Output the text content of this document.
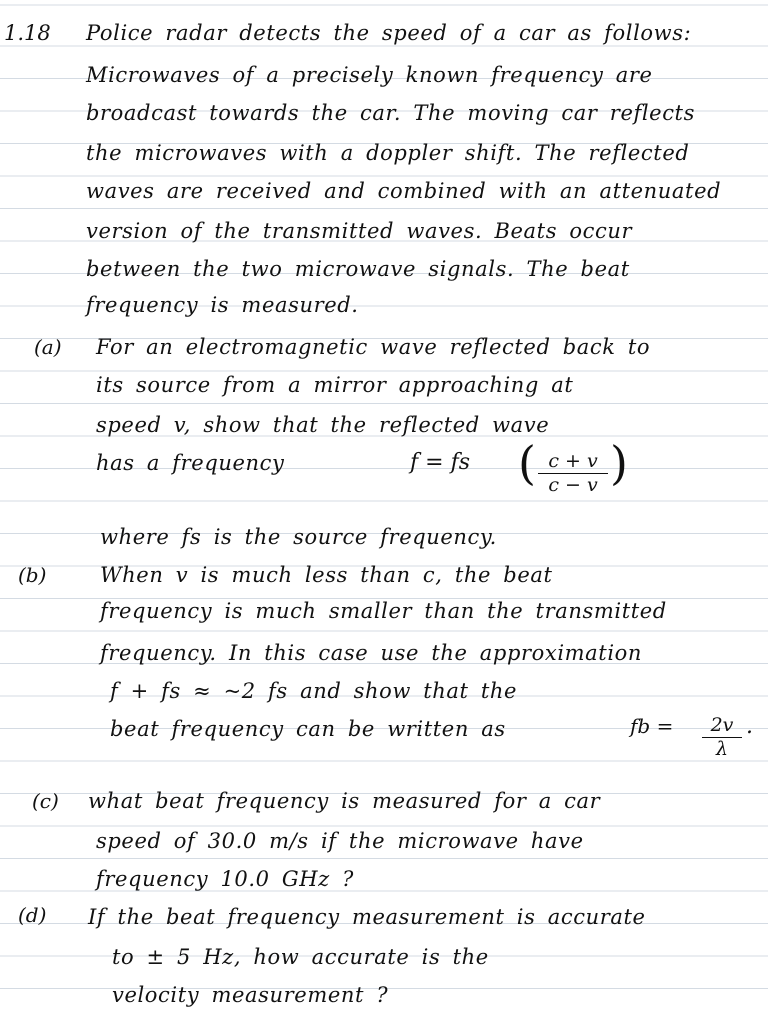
1.18 Police radar detects the speed of a car as follows:
Microwaves of a precisely known frequency are
broadcast towards the car. The moving car reflects
the microwaves with a doppler shift. The reflected
waves are received and combined with an attenuated
version of the transmitted waves. Beats occur
between the two microwave signals. The beat
frequency is measured.
(a) For an electromagnetic wave reflected back to
its source from a mirror approaching at
speed v, show that the reflected wave
has a frequency	f = fs ( $\frac{c + v}{c - v}$ )
where fs is the source frequency.
(b)	When v is much less than c, the beat
frequency is much smaller than the transmitted
frequency. In this case use the approximation
f + fs ≈ ~2 fs and show that the
beat frequency can be written as	fb = $\frac{2v}{\lambda}$ .
(c) what beat frequency is measured for a car
speed of 30.0 m/s if the microwave have
frequency 10.0 GHz ?
(d) If the beat frequency measurement is accurate
to ± 5 Hz, how accurate is the
velocity measurement ?
